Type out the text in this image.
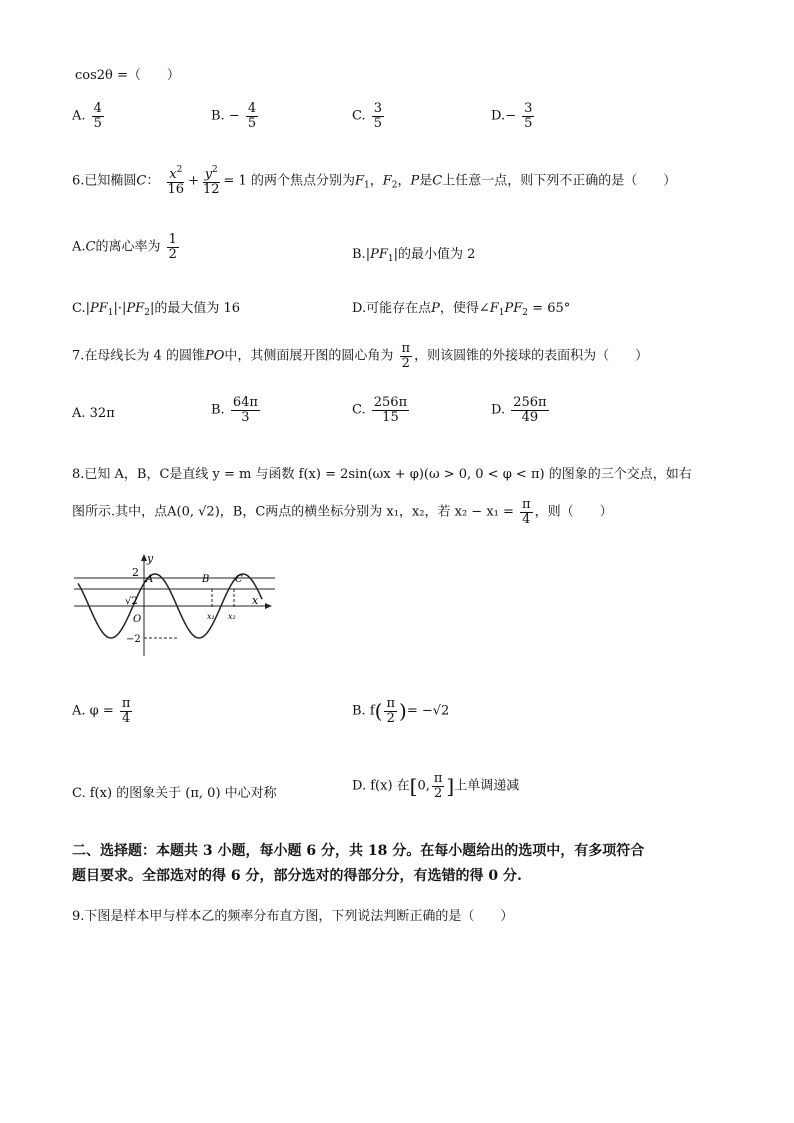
cos2θ =（　　）
A. $\frac{4}{5}$	B. − $\frac{4}{5}$	C. $\frac{3}{5}$	$D.- \frac{3}{5}$
6.已知椭圆C： $\frac{x^2}{16} + \frac{y^2}{12} = 1$ 的两个焦点分别为$F_1$，$F_2$，P是C上任意一点，则下列不正确的是（　　）
A.C的离心率为 $\frac{1}{2}$	$B.|PF_1|$的最小值为 2
$C.|PF_1|\cdot|PF_2|$的最大值为 16	D.可能存在点P，使得$\angle F_1PF_2 = 65^\circ$
7.在母线长为 4 的圆锥PO中，其侧面展开图的圆心角为 $\frac{\pi}{2}$ ，则该圆锥的外接球的表面积为（　　）
A. 32π	B. $\frac{64\pi}{3}$	C. $\frac{256\pi}{15}$	D. $\frac{256\pi}{49}$
8.已知 A，B，C是直线 y = m 与函数 f(x) = 2sin(ωx + φ)(ω > 0, 0 < φ < π) 的图象的三个交点，如右
图所示.其中，点A(0, √2)，B，C两点的横坐标分别为 x₁，x₂，若 $x_2 - x_1 = \frac{\pi}{4}$ ，则（　　）
y
x
2
A	B	C
√2
O
−2
x₁ x₂
A. $\varphi = \frac{\pi}{4}$	B. $f( \frac{\pi}{2}$ )= −√2
C. f(x) 的图象关于 (π, 0) 中心对称	D. f(x) 在[0, $\frac{\pi}{2}$ ]上单调递减
二、选择题：本题共 3 小题，每小题 6 分，共 18 分。在每小题给出的选项中，有多项符合
题目要求。全部选对的得 6 分，部分选对的得部分分，有选错的得 0 分.
9.下图是样本甲与样本乙的频率分布直方图，下列说法判断正确的是（　　）
